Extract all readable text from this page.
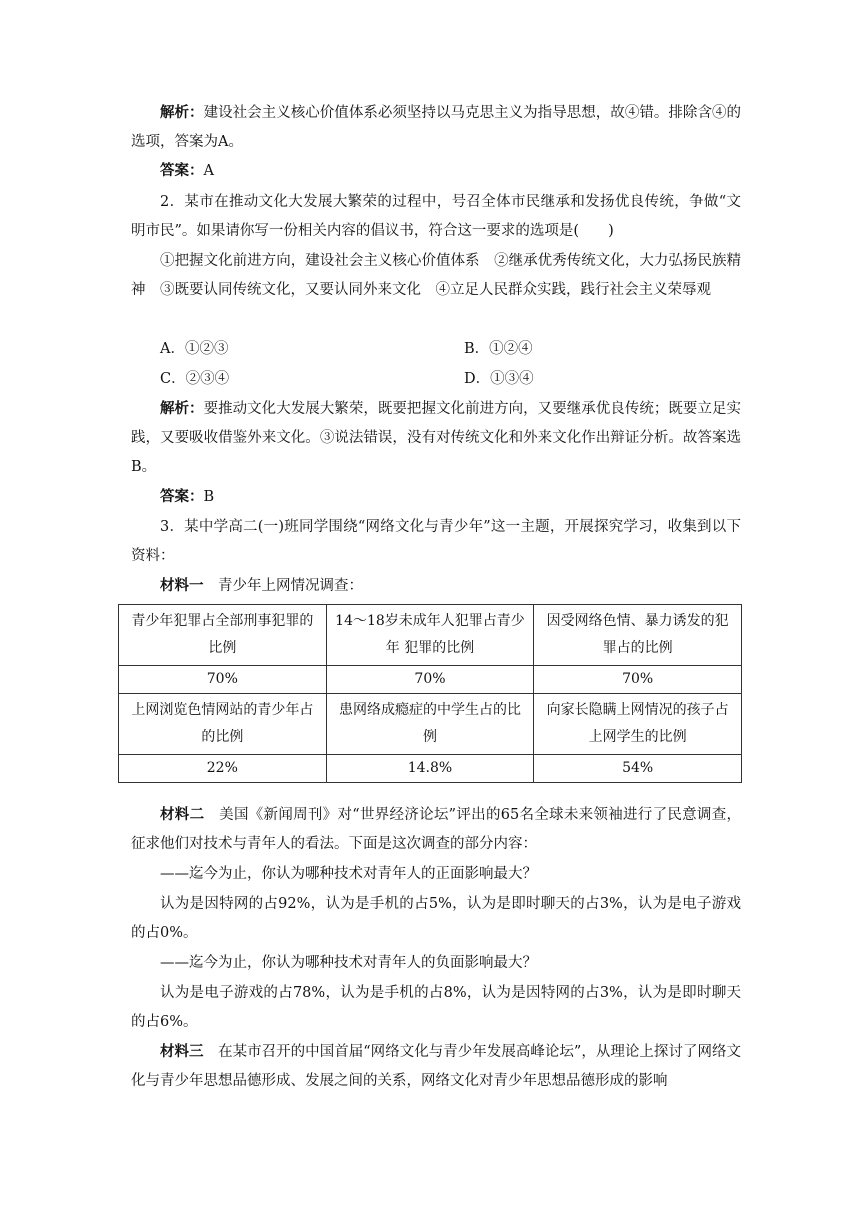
解析：建设社会主义核心价值体系必须坚持以马克思主义为指导思想，故④错。排除含④的选项，答案为A。
答案：A
2．某市在推动文化大发展大繁荣的过程中，号召全体市民继承和发扬优良传统，争做“文明市民”。如果请你写一份相关内容的倡议书，符合这一要求的选项是(　　)
①把握文化前进方向，建设社会主义核心价值体系　②继承优秀传统文化，大力弘扬民族精神　③既要认同传统文化，又要认同外来文化　④立足人民群众实践，践行社会主义荣辱观
A．①②③	B．①②④
C．②③④	D．①③④
解析：要推动文化大发展大繁荣，既要把握文化前进方向，又要继承优良传统；既要立足实践，又要吸收借鉴外来文化。③说法错误，没有对传统文化和外来文化作出辩证分析。故答案选B。
答案：B
3．某中学高二(一)班同学围绕“网络文化与青少年”这一主题，开展探究学习，收集到以下资料：
材料一　青少年上网情况调查：
青少年犯罪占全部刑事犯罪的比例	14～18岁未成年人犯罪占青少年 犯罪的比例	因受网络色情、暴力诱发的犯罪占的比例
70%	70%	70%
上网浏览色情网站的青少年占的比例	患网络成瘾症的中学生占的比例	向家长隐瞒上网情况的孩子占上网学生的比例
22%	14.8%	54%
材料二　美国《新闻周刊》对“世界经济论坛”评出的65名全球未来领袖进行了民意调查，征求他们对技术与青年人的看法。下面是这次调查的部分内容：
——迄今为止，你认为哪种技术对青年人的正面影响最大？
认为是因特网的占92%，认为是手机的占5%，认为是即时聊天的占3%，认为是电子游戏的占0%。
——迄今为止，你认为哪种技术对青年人的负面影响最大？
认为是电子游戏的占78%，认为是手机的占8%，认为是因特网的占3%，认为是即时聊天的占6%。
材料三　在某市召开的中国首届“网络文化与青少年发展高峰论坛”，从理论上探讨了网络文化与青少年思想品德形成、发展之间的关系，网络文化对青少年思想品德形成的影响
